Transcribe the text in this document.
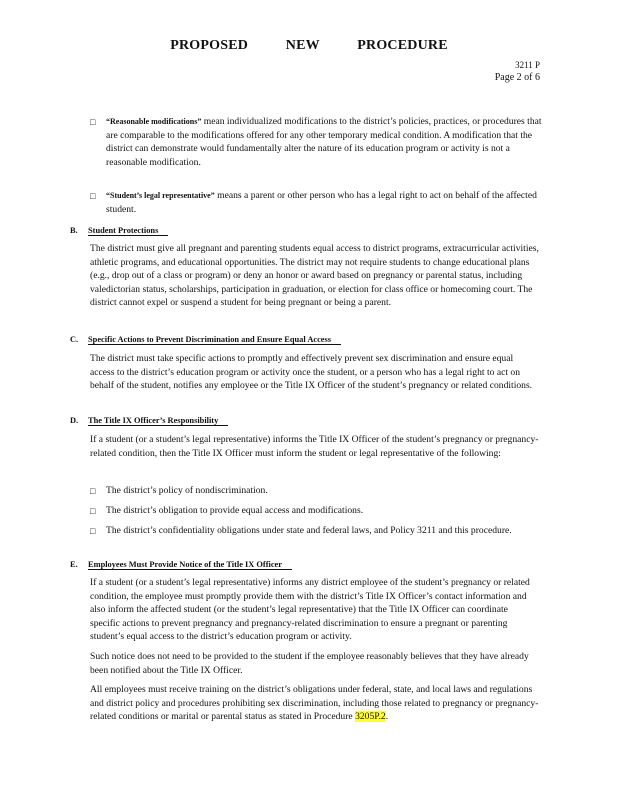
PROPOSED NEW PROCEDURE
3211 P
Page 2 of 6
□ “Reasonable modifications” mean individualized modifications to the district’s policies, practices, or procedures that are comparable to the modifications offered for any other temporary medical condition. A modification that the district can demonstrate would fundamentally alter the nature of its education program or activity is not a reasonable modification.
□ “Student’s legal representative” means a parent or other person who has a legal right to act on behalf of the affected student.
B. Student Protections

The district must give all pregnant and parenting students equal access to district programs, extracurricular activities, athletic programs, and educational opportunities. The district may not require students to change educational plans (e.g., drop out of a class or program) or deny an honor or award based on pregnancy or parental status, including valedictorian status, scholarships, participation in graduation, or election for class office or homecoming court. The district cannot expel or suspend a student for being pregnant or being a parent.

C. Specific Actions to Prevent Discrimination and Ensure Equal Access

The district must take specific actions to promptly and effectively prevent sex discrimination and ensure equal access to the district’s education program or activity once the student, or a person who has a legal right to act on behalf of the student, notifies any employee or the Title IX Officer of the student’s pregnancy or related conditions.

D. The Title IX Officer’s Responsibility

If a student (or a student’s legal representative) informs the Title IX Officer of the student’s pregnancy or pregnancy-related condition, then the Title IX Officer must inform the student or legal representative of the following:

□ The district’s policy of nondiscrimination.
□ The district’s obligation to provide equal access and modifications.
□ The district’s confidentiality obligations under state and federal laws, and Policy 3211 and this procedure.
E. Employees Must Provide Notice of the Title IX Officer

If a student (or a student’s legal representative) informs any district employee of the student’s pregnancy or related condition, the employee must promptly provide them with the district’s Title IX Officer’s contact information and also inform the affected student (or the student’s legal representative) that the Title IX Officer can coordinate specific actions to prevent pregnancy and pregnancy-related discrimination to ensure a pregnant or parenting student’s equal access to the district’s education program or activity.

Such notice does not need to be provided to the student if the employee reasonably believes that they have already been notified about the Title IX Officer.

All employees must receive training on the district’s obligations under federal, state, and local laws and regulations and district policy and procedures prohibiting sex discrimination, including those related to pregnancy or pregnancy-related conditions or marital or parental status as stated in Procedure 3205P.2.
